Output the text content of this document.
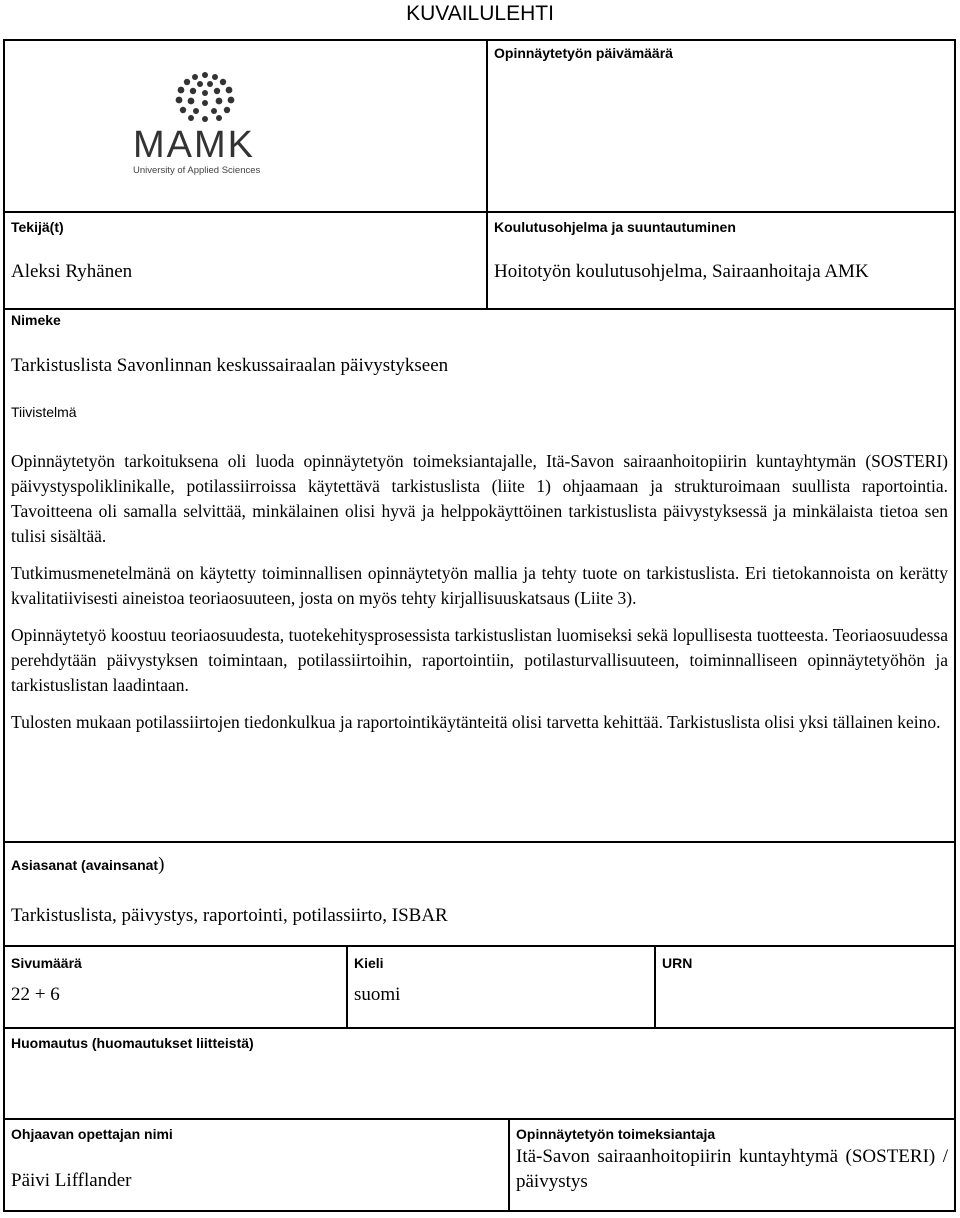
KUVAILULEHTI
MAMK
University of Applied Sciences
Opinnäytetyön päivämäärä
Tekijä(t)
Aleksi Ryhänen
Koulutusohjelma ja suuntautuminen
Hoitotyön koulutusohjelma, Sairaanhoitaja AMK
Nimeke
Tarkistuslista Savonlinnan keskussairaalan päivystykseen
Tiivistelmä

Opinnäytetyön tarkoituksena oli luoda opinnäytetyön toimeksiantajalle, Itä-Savon sairaanhoitopiirin kuntayhtymän (SOSTERI) päivystyspoliklinikalle, potilassiirroissa käytettävä tarkistuslista (liite 1) ohjaamaan ja strukturoimaan suullista raportointia. Tavoitteena oli samalla selvittää, minkälainen olisi hyvä ja helppokäyttöinen tarkistuslista päivystyksessä ja minkälaista tietoa sen tulisi sisältää.

Tutkimusmenetelmänä on käytetty toiminnallisen opinnäytetyön mallia ja tehty tuote on tarkistuslista. Eri tietokannoista on kerätty kvalitatiivisesti aineistoa teoriaosuuteen, josta on myös tehty kirjallisuuskatsaus (Liite 3).

Opinnäytetyö koostuu teoriaosuudesta, tuotekehitysprosessista tarkistuslistan luomiseksi sekä lopullisesta tuotteesta. Teoriaosuudessa perehdytään päivystyksen toimintaan, potilassiirtoihin, raportointiin, potilasturvallisuuteen, toiminnalliseen opinnäytetyöhön ja tarkistuslistan laadintaan.

Tulosten mukaan potilassiirtojen tiedonkulkua ja raportointikäytänteitä olisi tarvetta kehittää. Tarkistuslista olisi yksi tällainen keino.

Asiasanat (avainsanat)
Tarkistuslista, päivystys, raportointi, potilassiirto, ISBAR
Sivumäärä
22 + 6
Kieli
suomi
URN
Huomautus (huomautukset liitteistä)
Ohjaavan opettajan nimi
Päivi Lifflander
Opinnäytetyön toimeksiantaja

Itä-Savon sairaanhoitopiirin kuntayhtymä (SOSTERI) / päivystys
